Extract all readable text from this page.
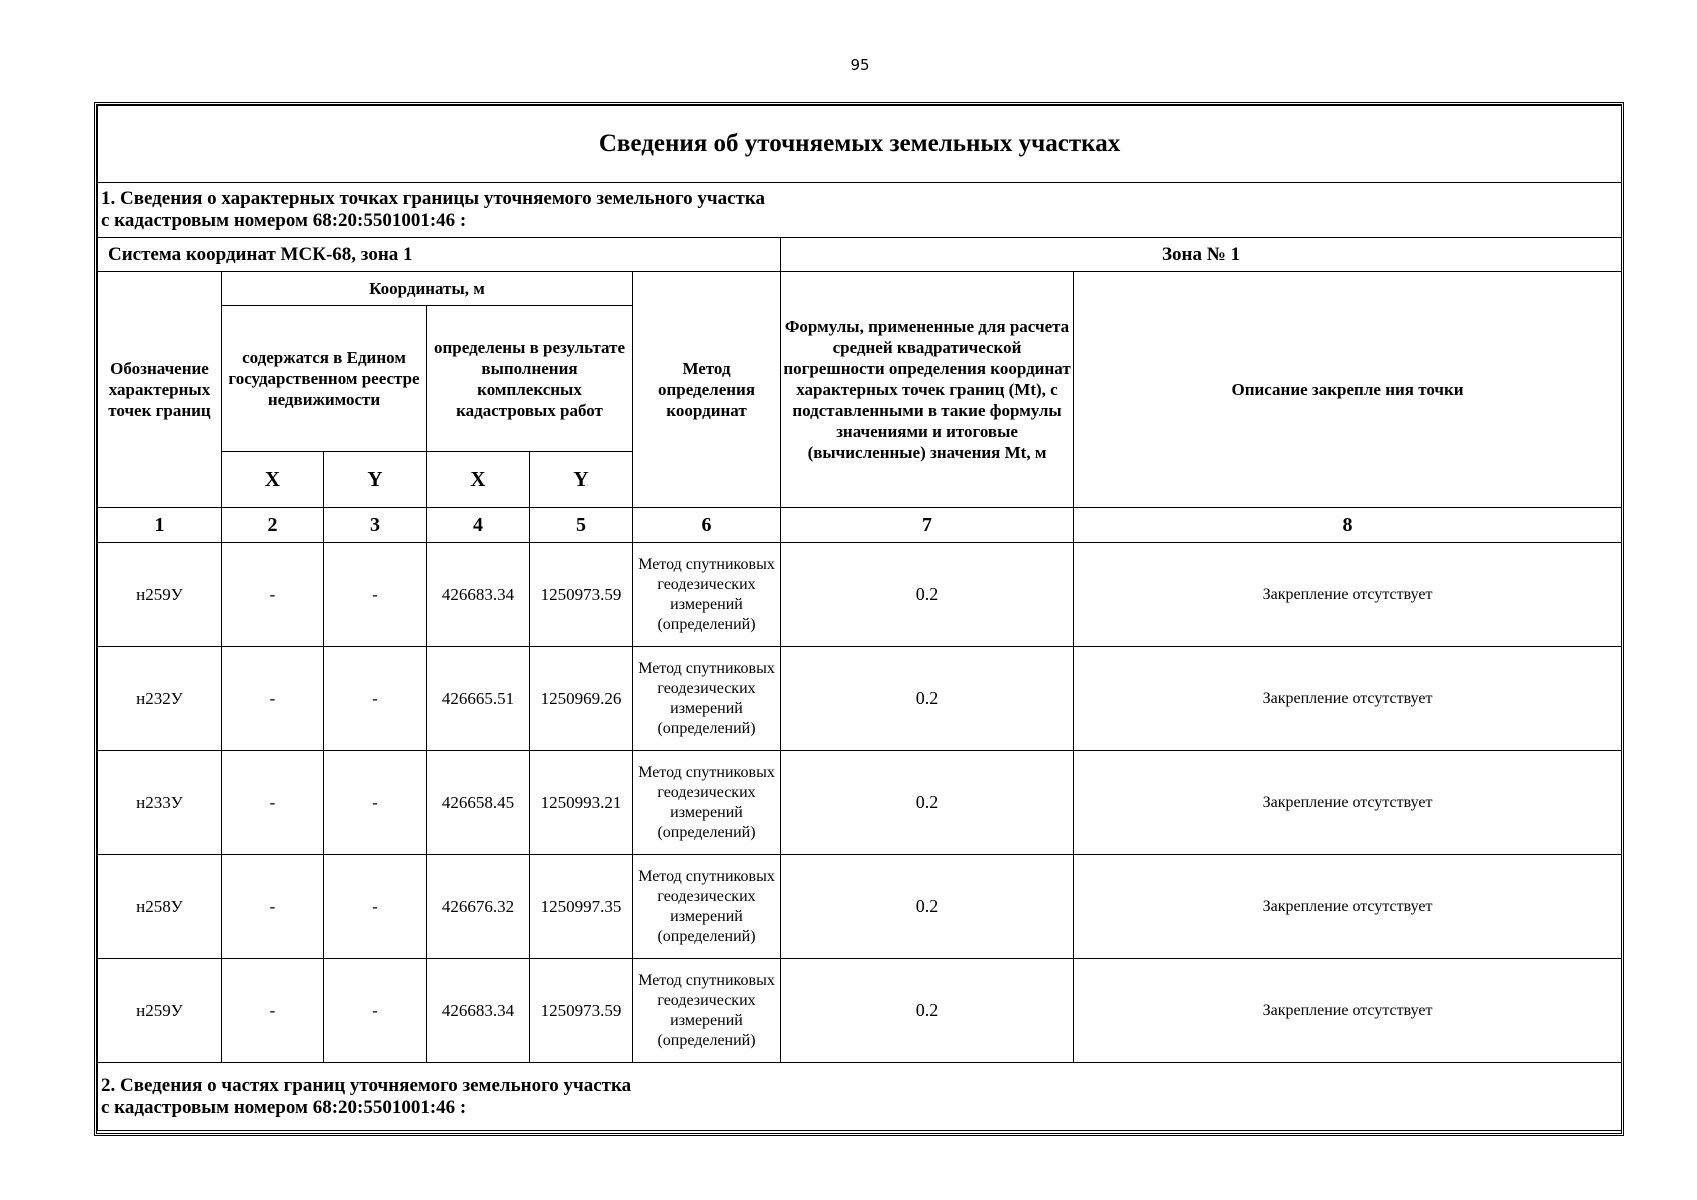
95
Сведения об уточняемых земельных участках							

1. Сведения о характерных точках границы уточняемого земельного участка
с кадастровым номером 68:20:5501001:46 :							

Система координат МСК-68, зона 1						Зона № 1	
Обозначение характерных точек границ	Координаты, м				Метод определения координат	Формулы, примененные для расчета средней квадратической погрешности определения координат характерных точек границ (Mt), с подставленными в такие формулы значениями и итоговые (вычисленные) значения Mt, м	Описание закрепле ния точки
	содержатся в Едином государственном реестре недвижимости		определены в результате выполнения комплексных кадастровых работ				
	X	Y	X	Y			
1	2	3	4	5	6	7	8
н259У	-	-	426683.34	1250973.59	Метод спутниковых геодезических измерений (определений)	0.2	Закрепление отсутствует
н232У	-	-	426665.51	1250969.26	Метод спутниковых геодезических измерений (определений)	0.2	Закрепление отсутствует
н233У	-	-	426658.45	1250993.21	Метод спутниковых геодезических измерений (определений)	0.2	Закрепление отсутствует
н258У	-	-	426676.32	1250997.35	Метод спутниковых геодезических измерений (определений)	0.2	Закрепление отсутствует
н259У	-	-	426683.34	1250973.59	Метод спутниковых геодезических измерений (определений)	0.2	Закрепление отсутствует

2. Сведения о частях границ уточняемого земельного участка
с кадастровым номером 68:20:5501001:46 :							
